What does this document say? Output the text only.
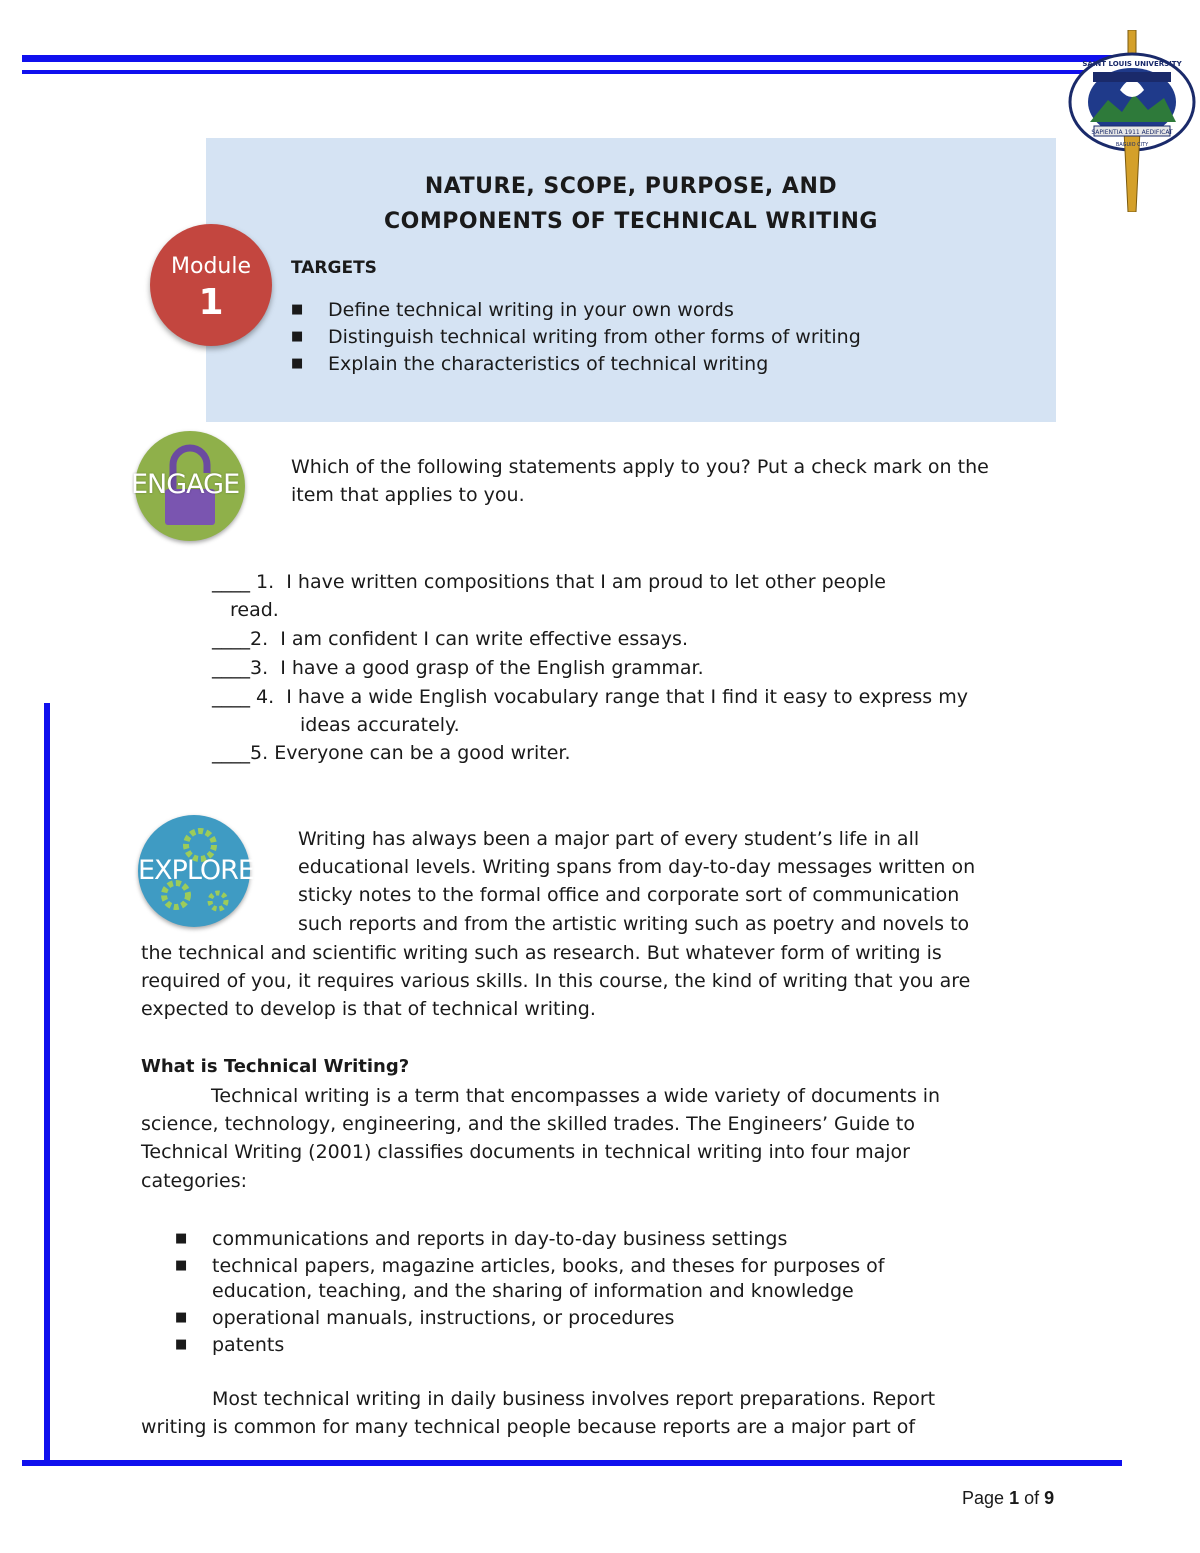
SAINT LOUIS UNIVERSITY
SAPIENTIA 1911 AEDIFICAT
BAGUIO CITY
NATURE, SCOPE, PURPOSE, AND
COMPONENTS OF TECHNICAL WRITING
Module
1
TARGETS
■ Define technical writing in your own words
■ Distinguish technical writing from other forms of writing
■ Explain the characteristics of technical writing
ENGAGE
Which of the following statements apply to you? Put a check mark on the
item that applies to you.
____ 1. I have written compositions that I am proud to let other people
read.
____2. I am confident I can write effective essays.
____3. I have a good grasp of the English grammar.
____ 4. I have a wide English vocabulary range that I find it easy to express my
ideas accurately.
____5. Everyone can be a good writer.
EXPLORE
Writing has always been a major part of every student’s life in all
educational levels. Writing spans from day-to-day messages written on
sticky notes to the formal office and corporate sort of communication
such reports and from the artistic writing such as poetry and novels to
the technical and scientific writing such as research. But whatever form of writing is
required of you, it requires various skills. In this course, the kind of writing that you are
expected to develop is that of technical writing.
What is Technical Writing?
Technical writing is a term that encompasses a wide variety of documents in
science, technology, engineering, and the skilled trades. The Engineers’ Guide to
Technical Writing (2001) classifies documents in technical writing into four major
categories:
■ communications and reports in day-to-day business settings
■ technical papers, magazine articles, books, and theses for purposes of
education, teaching, and the sharing of information and knowledge
■ operational manuals, instructions, or procedures
■ patents
Most technical writing in daily business involves report preparations. Report
writing is common for many technical people because reports are a major part of
Page 1 of 9
